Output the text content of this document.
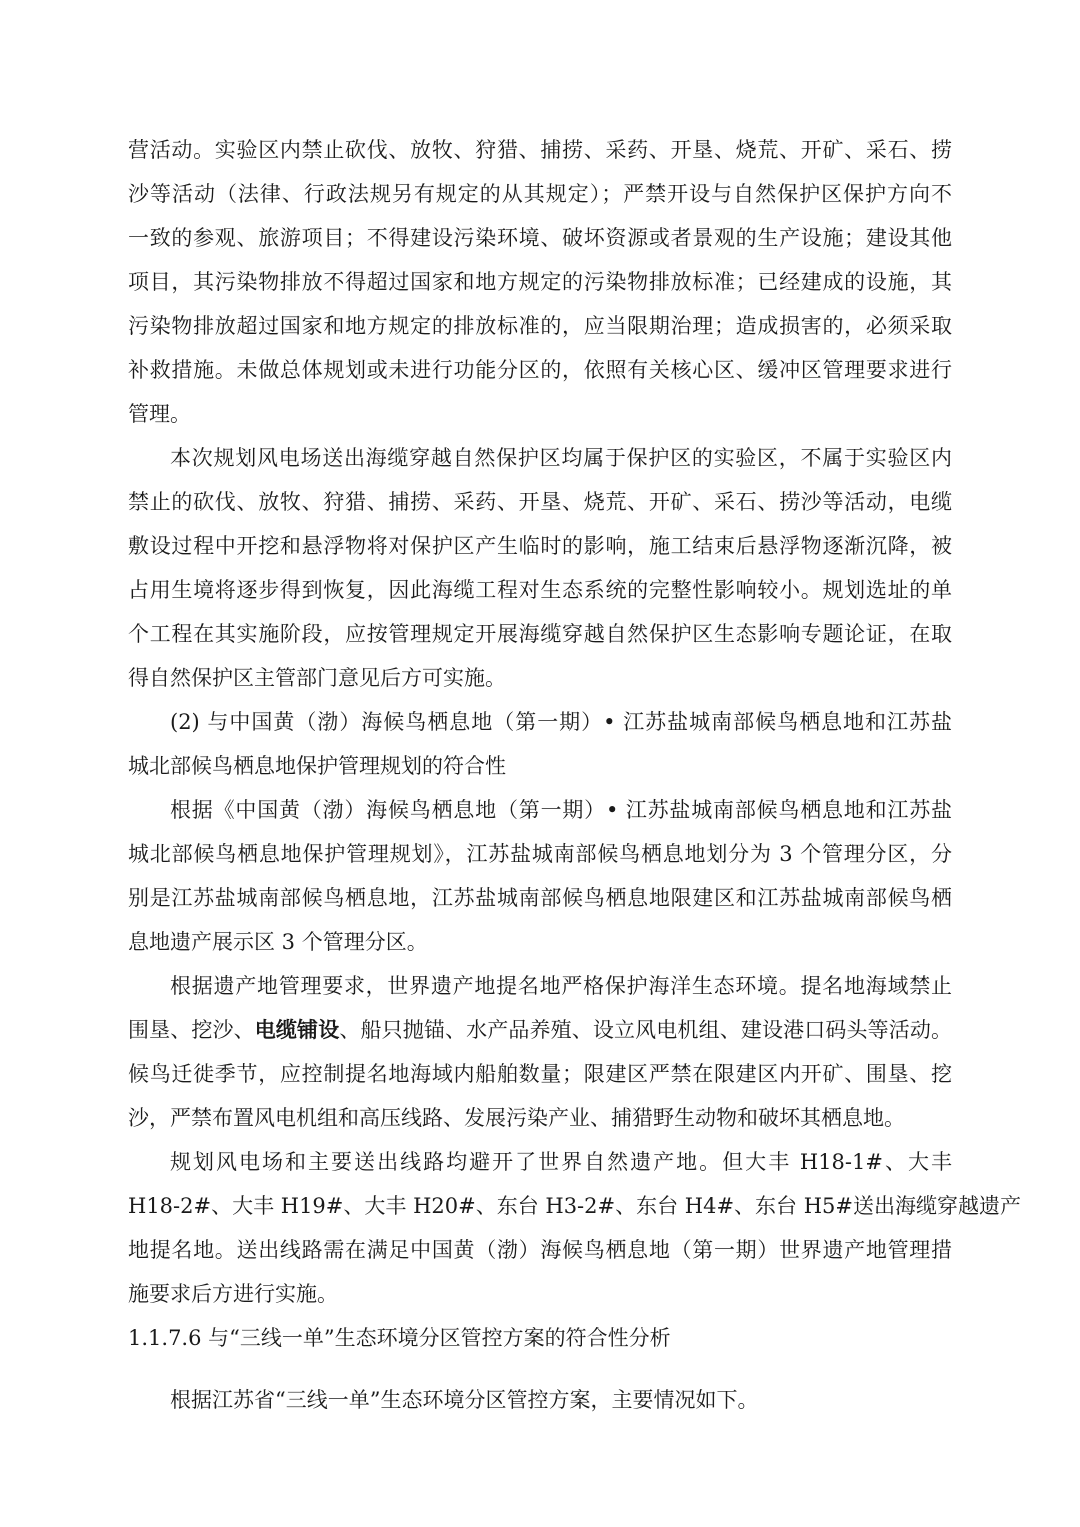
营活动。实验区内禁止砍伐、放牧、狩猎、捕捞、采药、开垦、烧荒、开矿、采石、捞
沙等活动（法律、行政法规另有规定的从其规定）；严禁开设与自然保护区保护方向不
一致的参观、旅游项目；不得建设污染环境、破坏资源或者景观的生产设施；建设其他
项目，其污染物排放不得超过国家和地方规定的污染物排放标准；已经建成的设施，其
污染物排放超过国家和地方规定的排放标准的，应当限期治理；造成损害的，必须采取
补救措施。未做总体规划或未进行功能分区的，依照有关核心区、缓冲区管理要求进行
管理。
本次规划风电场送出海缆穿越自然保护区均属于保护区的实验区，不属于实验区内
禁止的砍伐、放牧、狩猎、捕捞、采药、开垦、烧荒、开矿、采石、捞沙等活动，电缆
敷设过程中开挖和悬浮物将对保护区产生临时的影响，施工结束后悬浮物逐渐沉降，被
占用生境将逐步得到恢复，因此海缆工程对生态系统的完整性影响较小。规划选址的单
个工程在其实施阶段，应按管理规定开展海缆穿越自然保护区生态影响专题论证，在取
得自然保护区主管部门意见后方可实施。
(2) 与中国黄（渤）海候鸟栖息地（第一期）• 江苏盐城南部候鸟栖息地和江苏盐
城北部候鸟栖息地保护管理规划的符合性
根据《中国黄（渤）海候鸟栖息地（第一期）• 江苏盐城南部候鸟栖息地和江苏盐
城北部候鸟栖息地保护管理规划》，江苏盐城南部候鸟栖息地划分为 3 个管理分区，分
别是江苏盐城南部候鸟栖息地，江苏盐城南部候鸟栖息地限建区和江苏盐城南部候鸟栖
息地遗产展示区 3 个管理分区。
根据遗产地管理要求，世界遗产地提名地严格保护海洋生态环境。提名地海域禁止
围垦、挖沙、电缆铺设、船只抛锚、水产品养殖、设立风电机组、建设港口码头等活动。
候鸟迁徙季节，应控制提名地海域内船舶数量；限建区严禁在限建区内开矿、围垦、挖
沙，严禁布置风电机组和高压线路、发展污染产业、捕猎野生动物和破坏其栖息地。
规划风电场和主要送出线路均避开了世界自然遗产地。但大丰 H18-1#、大丰
H18-2#、大丰 H19#、大丰 H20#、东台 H3-2#、东台 H4#、东台 H5#送出海缆穿越遗产
地提名地。送出线路需在满足中国黄（渤）海候鸟栖息地（第一期）世界遗产地管理措
施要求后方进行实施。
1.1.7.6 与“三线一单”生态环境分区管控方案的符合性分析
根据江苏省“三线一单”生态环境分区管控方案，主要情况如下。
